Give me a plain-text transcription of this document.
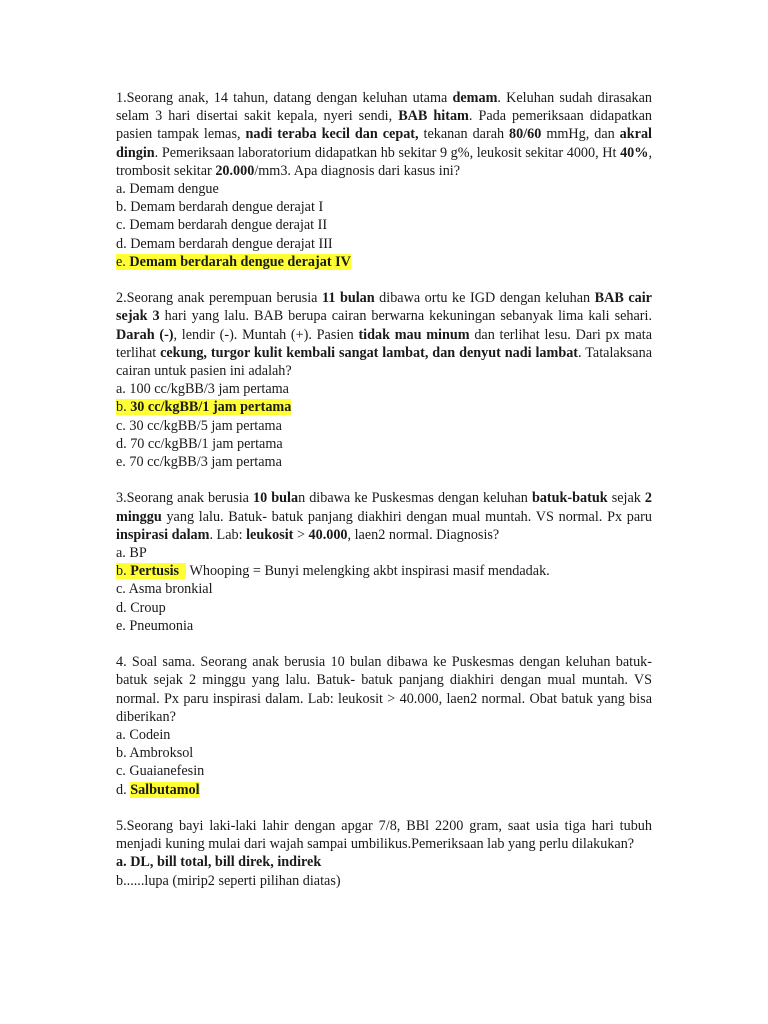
1.Seorang anak, 14 tahun, datang dengan keluhan utama demam. Keluhan sudah dirasakan selam 3 hari disertai sakit kepala, nyeri sendi, BAB hitam. Pada pemeriksaan didapatkan pasien tampak lemas, nadi teraba kecil dan cepat, tekanan darah 80/60 mmHg, dan akral dingin. Pemeriksaan laboratorium didapatkan hb sekitar 9 g%, leukosit sekitar 4000, Ht 40%, trombosit sekitar 20.000/mm3. Apa diagnosis dari kasus ini?

a. Demam dengue
b. Demam berdarah dengue derajat I
c. Demam berdarah dengue derajat II
d. Demam berdarah dengue derajat III
e. Demam berdarah dengue derajat IV

2.Seorang anak perempuan berusia 11 bulan dibawa ortu ke IGD dengan keluhan BAB cair sejak 3 hari yang lalu. BAB berupa cairan berwarna kekuningan sebanyak lima kali sehari. Darah (-), lendir (-). Muntah (+). Pasien tidak mau minum dan terlihat lesu. Dari px mata terlihat cekung, turgor kulit kembali sangat lambat, dan denyut nadi lambat. Tatalaksana cairan untuk pasien ini adalah?

a. 100 cc/kgBB/3 jam pertama
b. 30 cc/kgBB/1 jam pertama
c. 30 cc/kgBB/5 jam pertama
d. 70 cc/kgBB/1 jam pertama
e. 70 cc/kgBB/3 jam pertama

3.Seorang anak berusia 10 bulan dibawa ke Puskesmas dengan keluhan batuk-batuk sejak 2 minggu yang lalu. Batuk- batuk panjang diakhiri dengan mual muntah. VS normal. Px paru inspirasi dalam. Lab: leukosit > 40.000, laen2 normal. Diagnosis?

a. BP
b. Pertusis Whooping = Bunyi melengking akbt inspirasi masif mendadak.
c. Asma bronkial
d. Croup
e. Pneumonia

4. Soal sama. Seorang anak berusia 10 bulan dibawa ke Puskesmas dengan keluhan batuk-batuk sejak 2 minggu yang lalu. Batuk- batuk panjang diakhiri dengan mual muntah. VS normal. Px paru inspirasi dalam. Lab: leukosit > 40.000, laen2 normal. Obat batuk yang bisa diberikan?

a. Codein
b. Ambroksol
c. Guaianefesin
d. Salbutamol

5.Seorang bayi laki-laki lahir dengan apgar 7/8, BBl 2200 gram, saat usia tiga hari tubuh menjadi kuning mulai dari wajah sampai umbilikus.Pemeriksaan lab yang perlu dilakukan?

a. DL, bill total, bill direk, indirek
b......lupa (mirip2 seperti pilihan diatas)
